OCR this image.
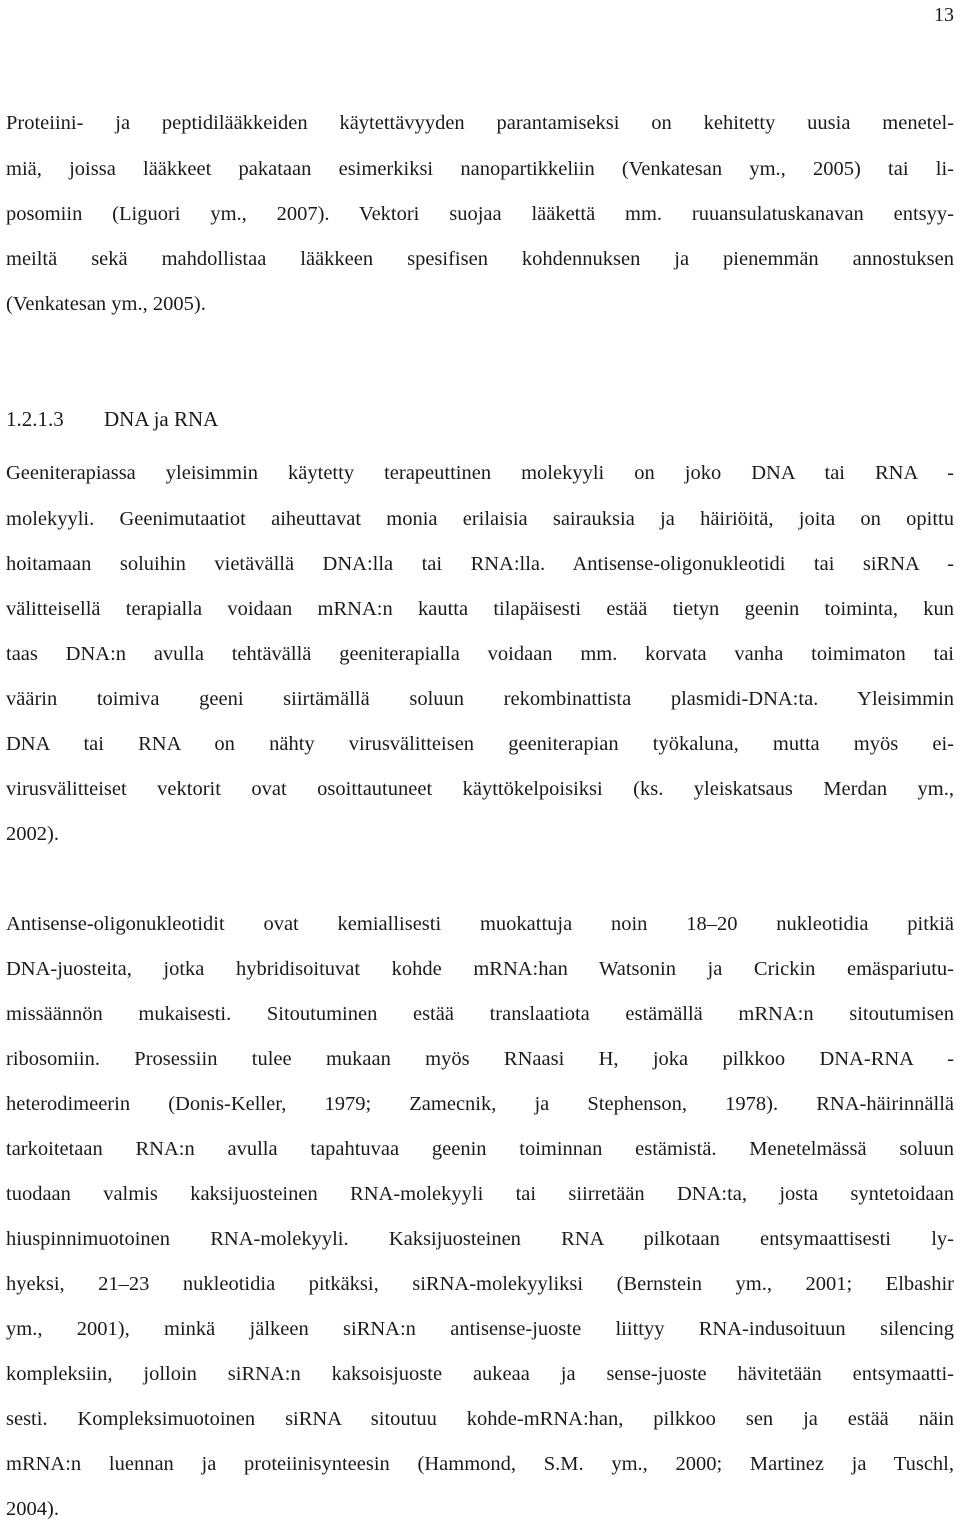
13
Proteiini- ja peptidilääkkeiden käytettävyyden parantamiseksi on kehitetty uusia menetel-
miä, joissa lääkkeet pakataan esimerkiksi nanopartikkeliin (Venkatesan ym., 2005) tai li-
posomiin (Liguori ym., 2007). Vektori suojaa lääkettä mm. ruuansulatuskanavan entsyy-
meiltä sekä mahdollistaa lääkkeen spesifisen kohdennuksen ja pienemmän annostuksen
(Venkatesan ym., 2005).
1.2.1.3 DNA ja RNA
Geeniterapiassa yleisimmin käytetty terapeuttinen molekyyli on joko DNA tai RNA -
molekyyli. Geenimutaatiot aiheuttavat monia erilaisia sairauksia ja häiriöitä, joita on opittu
hoitamaan soluihin vietävällä DNA:lla tai RNA:lla. Antisense-oligonukleotidi tai siRNA -
välitteisellä terapialla voidaan mRNA:n kautta tilapäisesti estää tietyn geenin toiminta, kun
taas DNA:n avulla tehtävällä geeniterapialla voidaan mm. korvata vanha toimimaton tai
väärin toimiva geeni siirtämällä soluun rekombinattista plasmidi-DNA:ta. Yleisimmin
DNA tai RNA on nähty virusvälitteisen geeniterapian työkaluna, mutta myös ei-
virusvälitteiset vektorit ovat osoittautuneet käyttökelpoisiksi (ks. yleiskatsaus Merdan ym.,
2002).
Antisense-oligonukleotidit ovat kemiallisesti muokattuja noin 18–20 nukleotidia pitkiä
DNA-juosteita, jotka hybridisoituvat kohde mRNA:han Watsonin ja Crickin emäspariutu-
missäännön mukaisesti. Sitoutuminen estää translaatiota estämällä mRNA:n sitoutumisen
ribosomiin. Prosessiin tulee mukaan myös RNaasi H, joka pilkkoo DNA-RNA -
heterodimeerin (Donis-Keller, 1979; Zamecnik, ja Stephenson, 1978). RNA-häirinnällä
tarkoitetaan RNA:n avulla tapahtuvaa geenin toiminnan estämistä. Menetelmässä soluun
tuodaan valmis kaksijuosteinen RNA-molekyyli tai siirretään DNA:ta, josta syntetoidaan
hiuspinnimuotoinen RNA-molekyyli. Kaksijuosteinen RNA pilkotaan entsymaattisesti ly-
hyeksi, 21–23 nukleotidia pitkäksi, siRNA-molekyyliksi (Bernstein ym., 2001; Elbashir
ym., 2001), minkä jälkeen siRNA:n antisense-juoste liittyy RNA-indusoituun silencing
kompleksiin, jolloin siRNA:n kaksoisjuoste aukeaa ja sense-juoste hävitetään entsymaatti-
sesti. Kompleksimuotoinen siRNA sitoutuu kohde-mRNA:han, pilkkoo sen ja estää näin
mRNA:n luennan ja proteiinisynteesin (Hammond, S.M. ym., 2000; Martinez ja Tuschl,
2004).
